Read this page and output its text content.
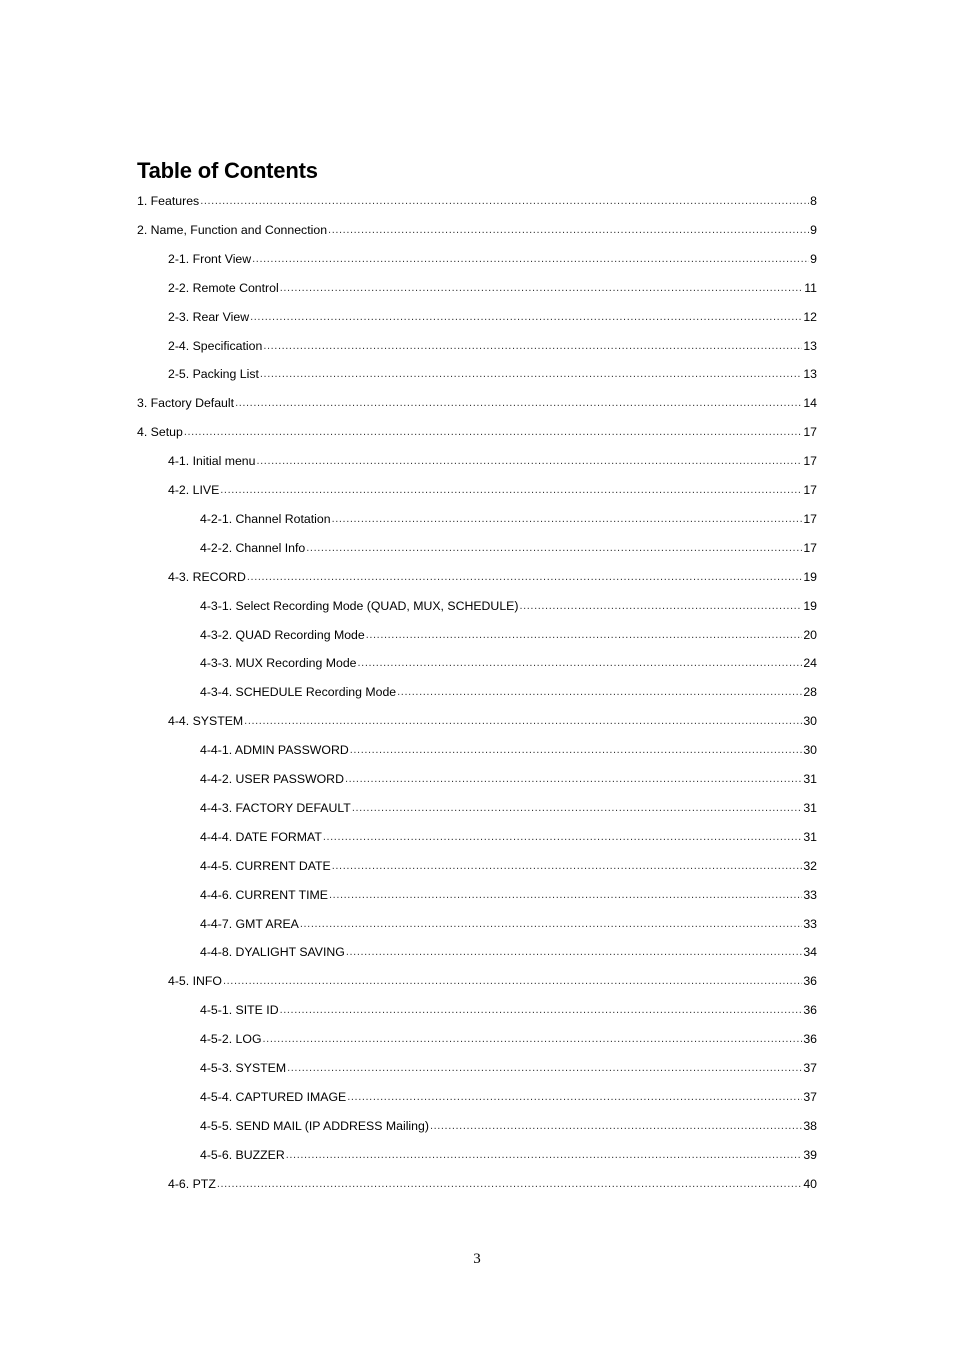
Table of Contents
1. Features .....	8
2. Name, Function and Connection .....	9
2-1. Front View .....	9
2-2. Remote Control .....	11
2-3. Rear View .....	12
2-4. Specification .....	13
2-5. Packing List .....	13
3. Factory Default .....	14
4. Setup .....	17
4-1. Initial menu .....	17
4-2. LIVE .....	17
4-2-1. Channel Rotation .....	17
4-2-2. Channel Info .....	17
4-3. RECORD .....	19
4-3-1. Select Recording Mode (QUAD, MUX, SCHEDULE) .....	19
4-3-2. QUAD Recording Mode .....	20
4-3-3. MUX Recording Mode .....	24
4-3-4. SCHEDULE Recording Mode .....	28
4-4. SYSTEM .....	30
4-4-1. ADMIN PASSWORD .....	30
4-4-2. USER PASSWORD .....	31
4-4-3. FACTORY DEFAULT .....	31
4-4-4. DATE FORMAT .....	31
4-4-5. CURRENT DATE .....	32
4-4-6. CURRENT TIME .....	33
4-4-7. GMT AREA .....	33
4-4-8. DYALIGHT SAVING .....	34
4-5. INFO .....	36
4-5-1. SITE ID .....	36
4-5-2. LOG .....	36
4-5-3. SYSTEM .....	37
4-5-4. CAPTURED IMAGE .....	37
4-5-5. SEND MAIL (IP ADDRESS Mailing) .....	38
4-5-6. BUZZER .....	39
4-6. PTZ .....	40
3
